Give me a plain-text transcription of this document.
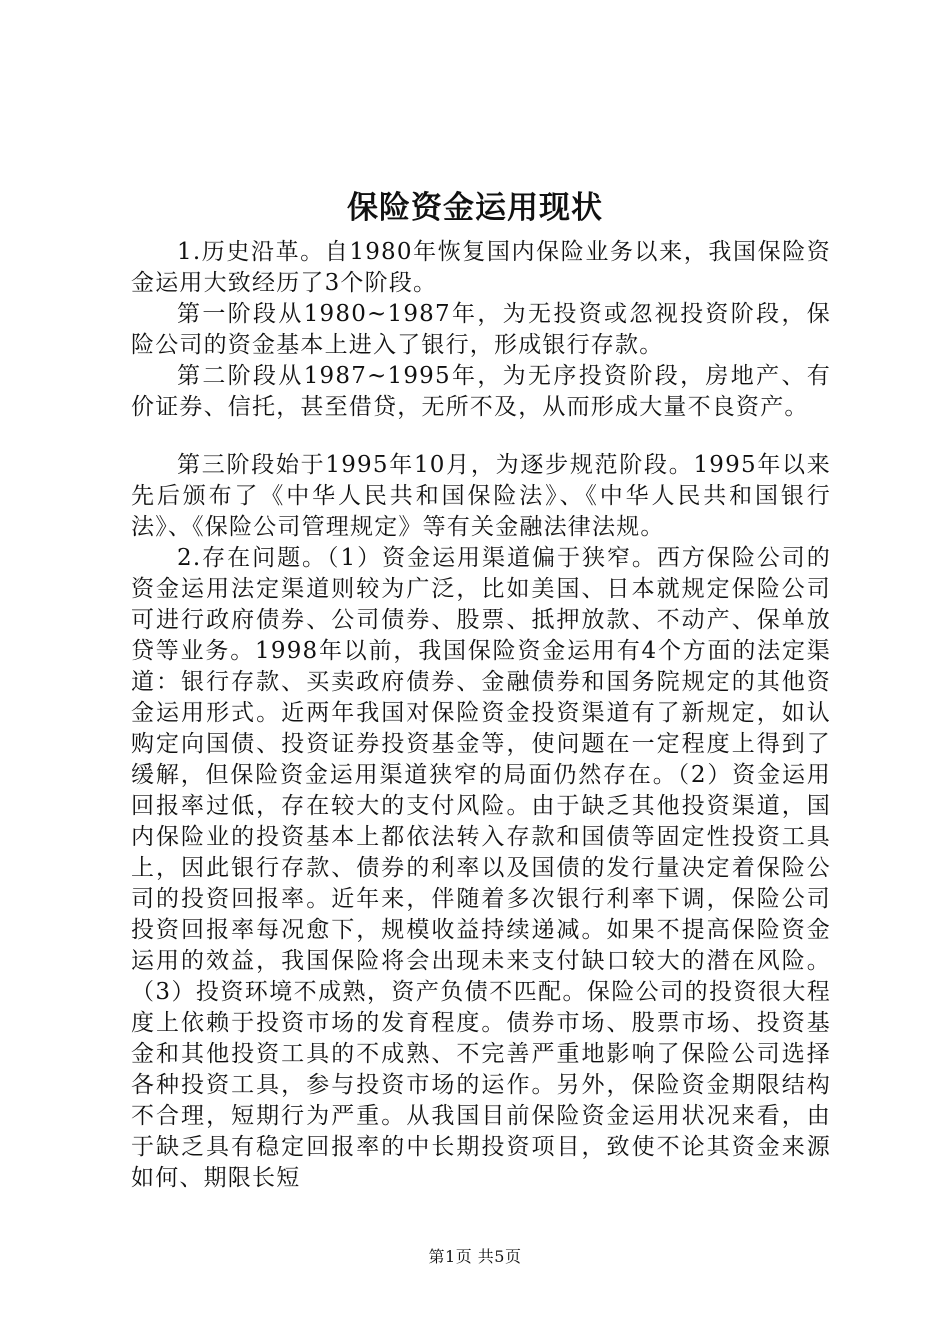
保险资金运用现状

1.历史沿革。自1980年恢复国内保险业务以来，我国保险资金运用大致经历了3个阶段。

第一阶段从1980~1987年，为无投资或忽视投资阶段，保险公司的资金基本上进入了银行，形成银行存款。

第二阶段从1987~1995年，为无序投资阶段，房地产、有价证券、信托，甚至借贷，无所不及，从而形成大量不良资产。

第三阶段始于1995年10月，为逐步规范阶段。1995年以来先后颁布了《中华人民共和国保险法》、《中华人民共和国银行法》、《保险公司管理规定》等有关金融法律法规。

2.存在问题。（1）资金运用渠道偏于狭窄。西方保险公司的资金运用法定渠道则较为广泛，比如美国、日本就规定保险公司可进行政府债券、公司债券、股票、抵押放款、不动产、保单放贷等业务。1998年以前，我国保险资金运用有4个方面的法定渠道：银行存款、买卖政府债券、金融债券和国务院规定的其他资金运用形式。近两年我国对保险资金投资渠道有了新规定，如认购定向国债、投资证券投资基金等，使问题在一定程度上得到了缓解，但保险资金运用渠道狭窄的局面仍然存在。（2）资金运用回报率过低，存在较大的支付风险。由于缺乏其他投资渠道，国内保险业的投资基本上都依法转入存款和国债等固定性投资工具上，因此银行存款、债券的利率以及国债的发行量决定着保险公司的投资回报率。近年来，伴随着多次银行利率下调，保险公司投资回报率每况愈下，规模收益持续递减。如果不提高保险资金运用的效益，我国保险将会出现未来支付缺口较大的潜在风险。（3）投资环境不成熟，资产负债不匹配。保险公司的投资很大程度上依赖于投资市场的发育程度。债券市场、股票市场、投资基金和其他投资工具的不成熟、不完善严重地影响了保险公司选择各种投资工具，参与投资市场的运作。另外，保险资金期限结构不合理，短期行为严重。从我国目前保险资金运用状况来看，由于缺乏具有稳定回报率的中长期投资项目，致使不论其资金来源如何、期限长短

第1页 共5页
